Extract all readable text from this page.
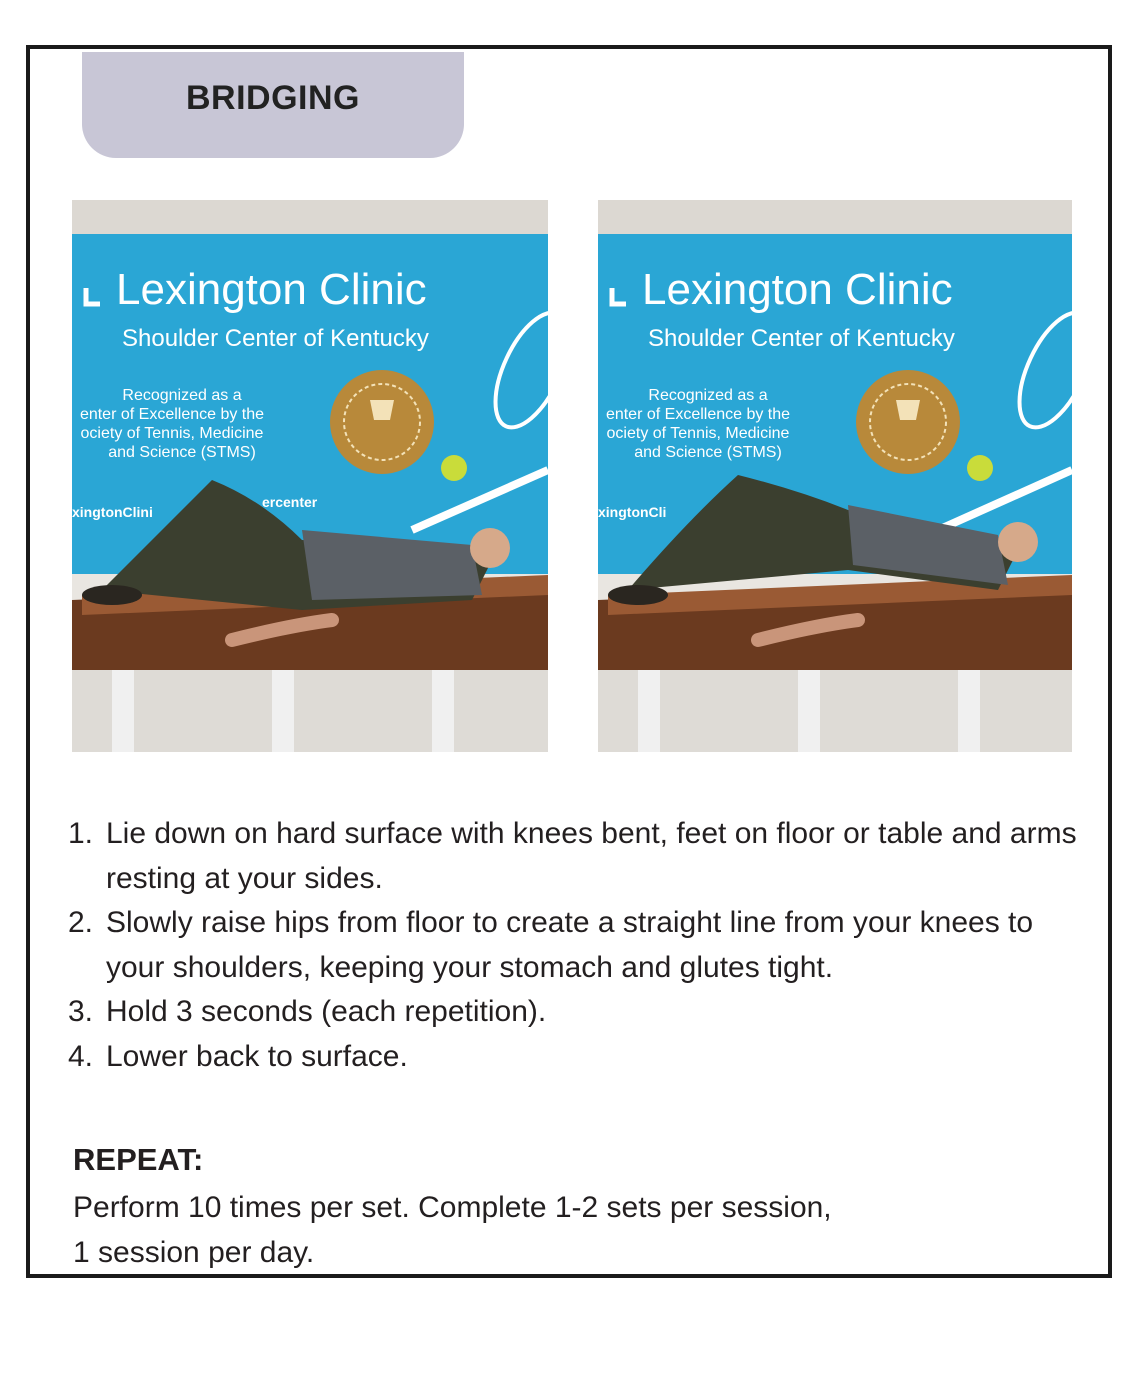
BRIDGING
Lexington Clinic
Shoulder Center of Kentucky
Recognized as a
enter of Excellence by the
ociety of Tennis, Medicine
and Science (STMS)
xingtonClini
ercenter
Lexington Clinic
Shoulder Center of Kentucky
Recognized as a
enter of Excellence by the
ociety of Tennis, Medicine
and Science (STMS)
xingtonCli
1. Lie down on hard surface with knees bent, feet on floor or table and arms resting at your sides.
2. Slowly raise hips from floor to create a straight line from your knees to your shoulders, keeping your stomach and glutes tight.
3. Hold 3 seconds (each repetition).
4. Lower back to surface.
REPEAT:
Perform 10 times per set. Complete 1-2 sets per session,
1 session per day.
